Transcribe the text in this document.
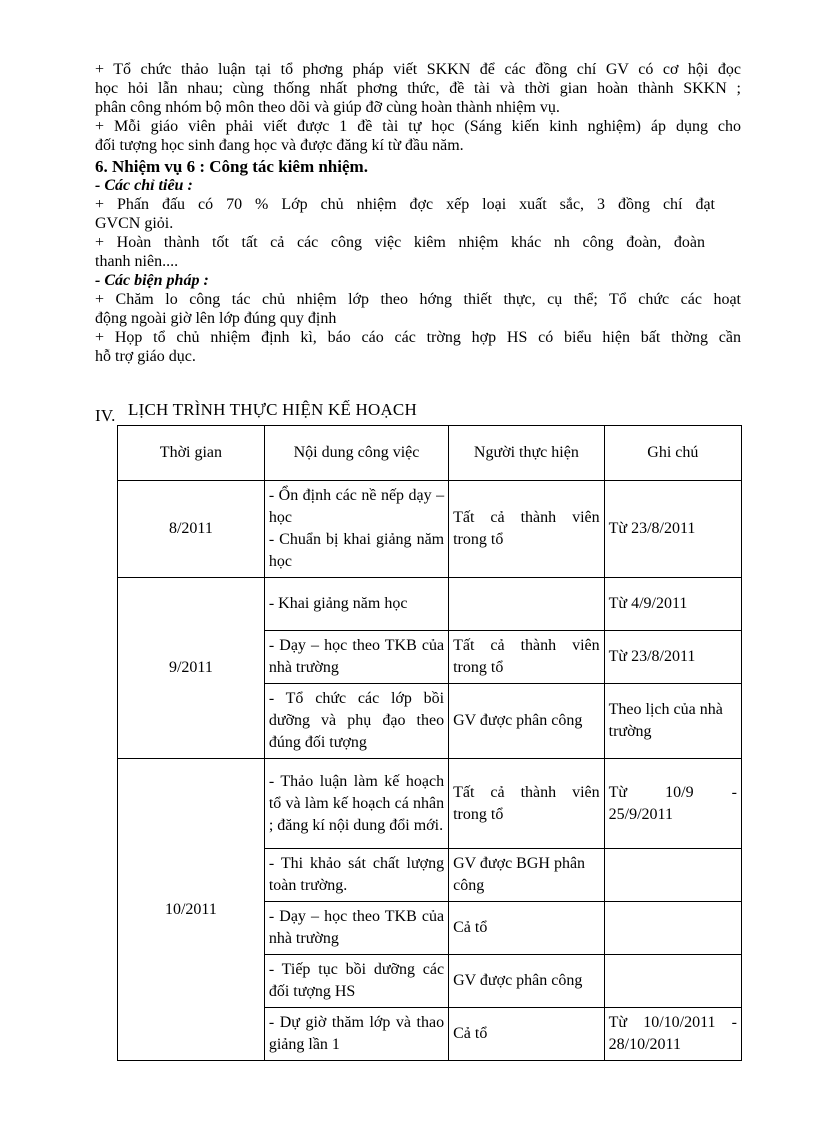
+ Tổ chức thảo luận tại tổ phơng pháp viết SKKN để các đồng chí GV có cơ hội đọc
học hỏi lẫn nhau; cùng thống nhất phơng thức, đề tài và thời gian hoàn thành SKKN ;
phân công nhóm bộ môn theo dõi và giúp đỡ cùng hoàn thành nhiệm vụ.
+ Mỗi giáo viên phải viết được 1 đề tài tự học (Sáng kiến kinh nghiệm) áp dụng cho
đối tượng học sinh đang học và được đăng kí từ đầu năm.
6. Nhiệm vụ 6 : Công tác kiêm nhiệm.
- Các chỉ tiêu :
+ Phấn đấu có 70 % Lớp chủ nhiệm đợc xếp loại xuất sắc, 3 đồng chí đạt
GVCN giỏi.
+ Hoàn thành tốt tất cả các công việc kiêm nhiệm khác nh công đoàn, đoàn
thanh niên....
- Các biện pháp :
+ Chăm lo công tác chủ nhiệm lớp theo hớng thiết thực, cụ thể; Tổ chức các hoạt
động ngoài giờ lên lớp đúng quy định
+ Họp tổ chủ nhiệm định kì, báo cáo các trờng hợp HS có biểu hiện bất thờng cần
hỗ trợ giáo dục.
IV. LỊCH TRÌNH THỰC HIỆN KẾ HOẠCH
Thời gian	Nội dung công việc	Người thực hiện	Ghi chú
8/2011	- Ổn định các nề nếp dạy – học
- Chuẩn bị khai giảng năm học	Tất cả thành viên trong tổ	Từ 23/8/2011
9/2011	- Khai giảng năm học		Từ 4/9/2011
	- Dạy – học theo TKB của nhà trường	Tất cả thành viên trong tổ	Từ 23/8/2011
	- Tổ chức các lớp bồi dưỡng và phụ đạo theo đúng đối tượng	GV được phân công	Theo lịch của nhà trường
10/2011	- Thảo luận làm kế hoạch tổ và làm kế hoạch cá nhân ; đăng kí nội dung đổi mới.	Tất cả thành viên trong tổ	Từ 10/9 - 25/9/2011
	- Thi khảo sát chất lượng toàn trường.	GV được BGH phân công	
	- Dạy – học theo TKB của nhà trường	Cả tổ	
	- Tiếp tục bồi dưỡng các đối tượng HS	GV được phân công	
	- Dự giờ thăm lớp và thao giảng lần 1	Cả tổ	Từ 10/10/2011 - 28/10/2011
